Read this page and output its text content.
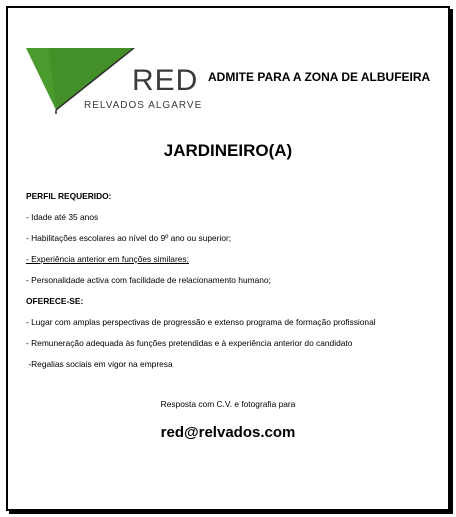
RED
RELVADOS ALGARVE
ADMITE PARA A ZONA DE ALBUFEIRA
JARDINEIRO(A)
PERFIL REQUERIDO:
- Idade até 35 anos
- Habilitações escolares ao nível do 9º ano ou superior;
- Experiência anterior em funções similares;
- Personalidade activa com facilidade de relacionamento humano;
OFERECE-SE:
- Lugar com amplas perspectivas de progressão e extenso programa de formação profissional
- Remuneração adequada às funções pretendidas e à experiência anterior do candidato
-Regalias sociais em vigor na empresa
Resposta com C.V. e fotografia para
red@relvados.com
